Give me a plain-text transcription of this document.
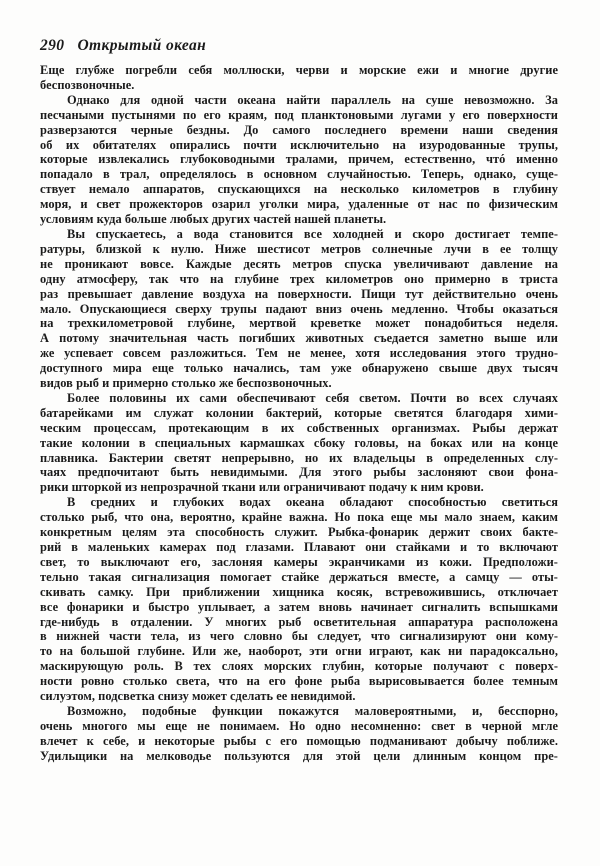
290 Открытый океан
Еще глубже погребли себя моллюски, черви и морские ежи и многие другие
беспозвоночные.
Однако для одной части океана найти параллель на суше невозможно. За
песчаными пустынями по его краям, под планктоновыми лугами у его поверхности
разверзаются черные бездны. До самого последнего времени наши сведения
об их обитателях опирались почти исключительно на изуродованные трупы,
которые извлекались глубоководными тралами, причем, естественно, чтó именно
попадало в трал, определялось в основном случайностью. Теперь, однако, суще-
ствует немало аппаратов, спускающихся на несколько километров в глубину
моря, и свет прожекторов озарил уголки мира, удаленные от нас по физическим
условиям куда больше любых других частей нашей планеты.
Вы спускаетесь, а вода становится все холодней и скоро достигает темпе-
ратуры, близкой к нулю. Ниже шестисот метров солнечные лучи в ее толщу
не проникают вовсе. Каждые десять метров спуска увеличивают давление на
одну атмосферу, так что на глубине трех километров оно примерно в триста
раз превышает давление воздуха на поверхности. Пищи тут действительно очень
мало. Опускающиеся сверху трупы падают вниз очень медленно. Чтобы оказаться
на трехкилометровой глубине, мертвой креветке может понадобиться неделя.
А потому значительная часть погибших животных съедается заметно выше или
же успевает совсем разложиться. Тем не менее, хотя исследования этого трудно-
доступного мира еще только начались, там уже обнаружено свыше двух тысяч
видов рыб и примерно столько же беспозвоночных.
Более половины их сами обеспечивают себя светом. Почти во всех случаях
батарейками им служат колонии бактерий, которые светятся благодаря хими-
ческим процессам, протекающим в их собственных организмах. Рыбы держат
такие колонии в специальных кармашках сбоку головы, на боках или на конце
плавника. Бактерии светят непрерывно, но их владельцы в определенных слу-
чаях предпочитают быть невидимыми. Для этого рыбы заслоняют свои фона-
рики шторкой из непрозрачной ткани или ограничивают подачу к ним крови.
В средних и глубоких водах океана обладают способностью светиться
столько рыб, что она, вероятно, крайне важна. Но пока еще мы мало знаем, каким
конкретным целям эта способность служит. Рыбка-фонарик держит своих бакте-
рий в маленьких камерах под глазами. Плавают они стайками и то включают
свет, то выключают его, заслоняя камеры экранчиками из кожи. Предположи-
тельно такая сигнализация помогает стайке держаться вместе, а самцу — оты-
скивать самку. При приближении хищника косяк, встревожившись, отключает
все фонарики и быстро уплывает, а затем вновь начинает сигналить вспышками
где-нибудь в отдалении. У многих рыб осветительная аппаратура расположена
в нижней части тела, из чего словно бы следует, что сигнализируют они кому-
то на большой глубине. Или же, наоборот, эти огни играют, как ни парадоксально,
маскирующую роль. В тех слоях морских глубин, которые получают с поверх-
ности ровно столько света, что на его фоне рыба вырисовывается более темным
силуэтом, подсветка снизу может сделать ее невидимой.
Возможно, подобные функции покажутся маловероятными, и, бесспорно,
очень многого мы еще не понимаем. Но одно несомненно: свет в черной мгле
влечет к себе, и некоторые рыбы с его помощью подманивают добычу поближе.
Удильщики на мелководье пользуются для этой цели длинным концом пре-
